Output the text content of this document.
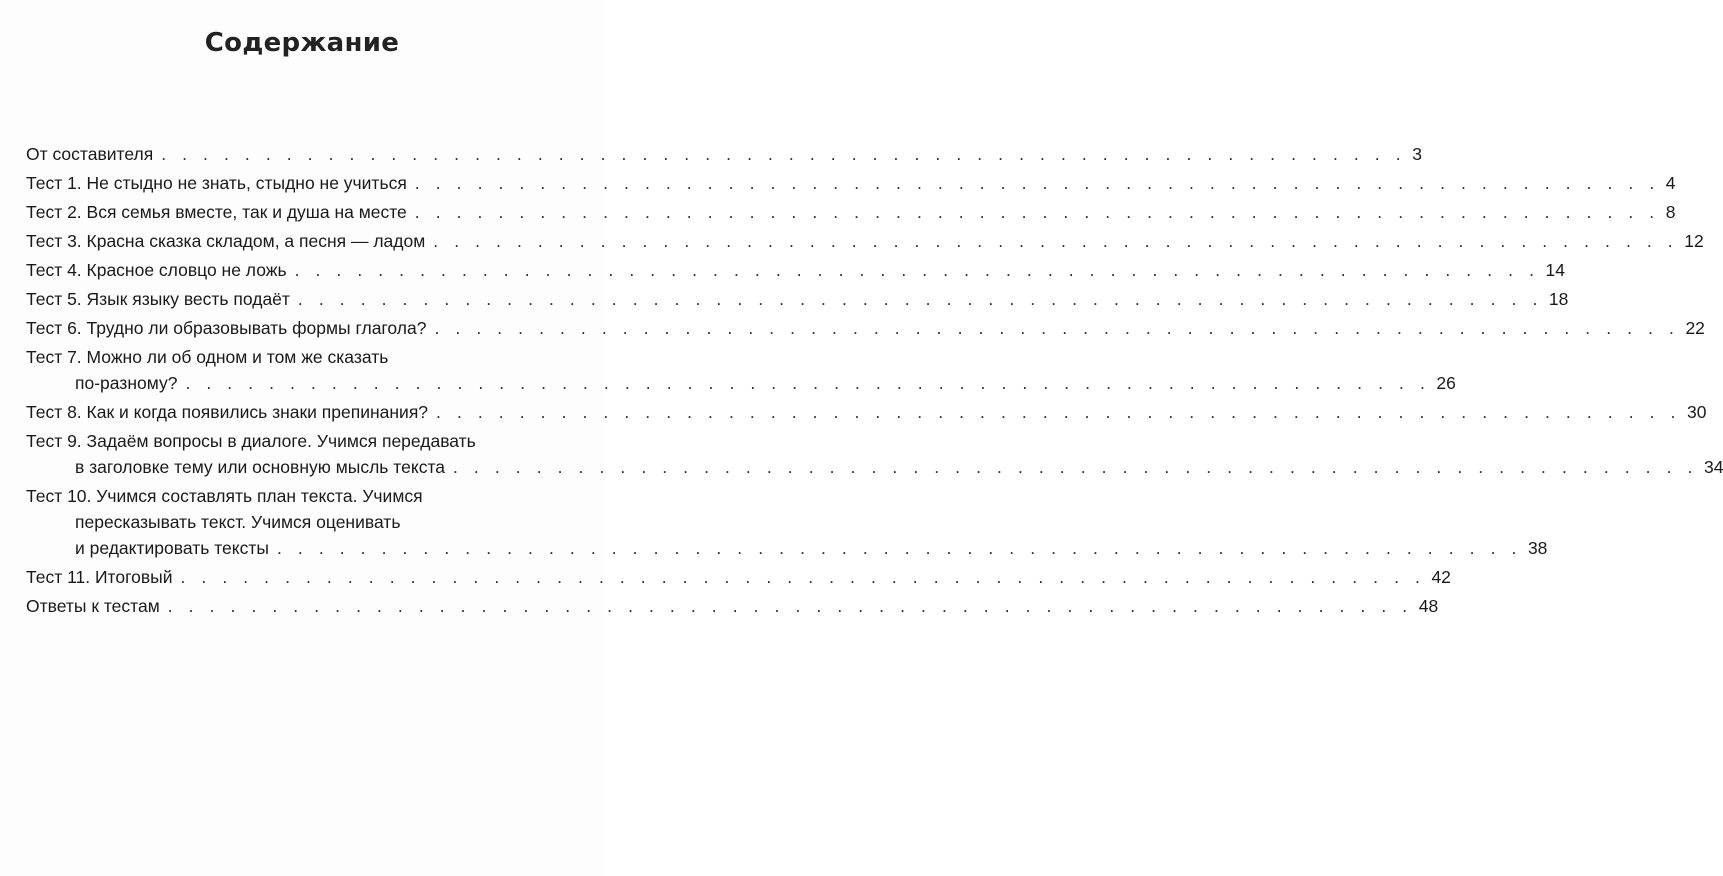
Содержание
От составителя . . . . . . . . . . . . . . . . . . . . . . . . . . . . . . . . . . . . . . . . . . . . . . . . . . . . . . . . . . . . 3
Тест 1. Не стыдно не знать, стыдно не учиться . . . . . . . . . . . . . . . . . . . . . . . . . . . . . . . . . . . . . . . . . . . . . . . . . . . . . . . . . . . . 4
Тест 2. Вся семья вместе, так и душа на месте . . . . . . . . . . . . . . . . . . . . . . . . . . . . . . . . . . . . . . . . . . . . . . . . . . . . . . . . . . . . 8
Тест 3. Красна сказка складом, а песня — ладом . . . . . . . . . . . . . . . . . . . . . . . . . . . . . . . . . . . . . . . . . . . . . . . . . . . . . . . . . . . . 12
Тест 4. Красное словцо не ложь . . . . . . . . . . . . . . . . . . . . . . . . . . . . . . . . . . . . . . . . . . . . . . . . . . . . . . . . . . . . 14
Тест 5. Язык языку весть подаёт . . . . . . . . . . . . . . . . . . . . . . . . . . . . . . . . . . . . . . . . . . . . . . . . . . . . . . . . . . . . 18
Тест 6. Трудно ли образовывать формы глагола? . . . . . . . . . . . . . . . . . . . . . . . . . . . . . . . . . . . . . . . . . . . . . . . . . . . . . . . . . . . . 22
Тест 7. Можно ли об одном и том же сказать
по-разному? . . . . . . . . . . . . . . . . . . . . . . . . . . . . . . . . . . . . . . . . . . . . . . . . . . . . . . . . . . . . 26
Тест 8. Как и когда появились знаки препинания? . . . . . . . . . . . . . . . . . . . . . . . . . . . . . . . . . . . . . . . . . . . . . . . . . . . . . . . . . . . . 30
Тест 9. Задаём вопросы в диалоге. Учимся передавать
в заголовке тему или основную мысль текста . . . . . . . . . . . . . . . . . . . . . . . . . . . . . . . . . . . . . . . . . . . . . . . . . . . . . . . . . . . . 34
Тест 10. Учимся составлять план текста. Учимся
пересказывать текст. Учимся оценивать
и редактировать тексты . . . . . . . . . . . . . . . . . . . . . . . . . . . . . . . . . . . . . . . . . . . . . . . . . . . . . . . . . . . . 38
Тест 11. Итоговый . . . . . . . . . . . . . . . . . . . . . . . . . . . . . . . . . . . . . . . . . . . . . . . . . . . . . . . . . . . . 42
Ответы к тестам . . . . . . . . . . . . . . . . . . . . . . . . . . . . . . . . . . . . . . . . . . . . . . . . . . . . . . . . . . . . 48
